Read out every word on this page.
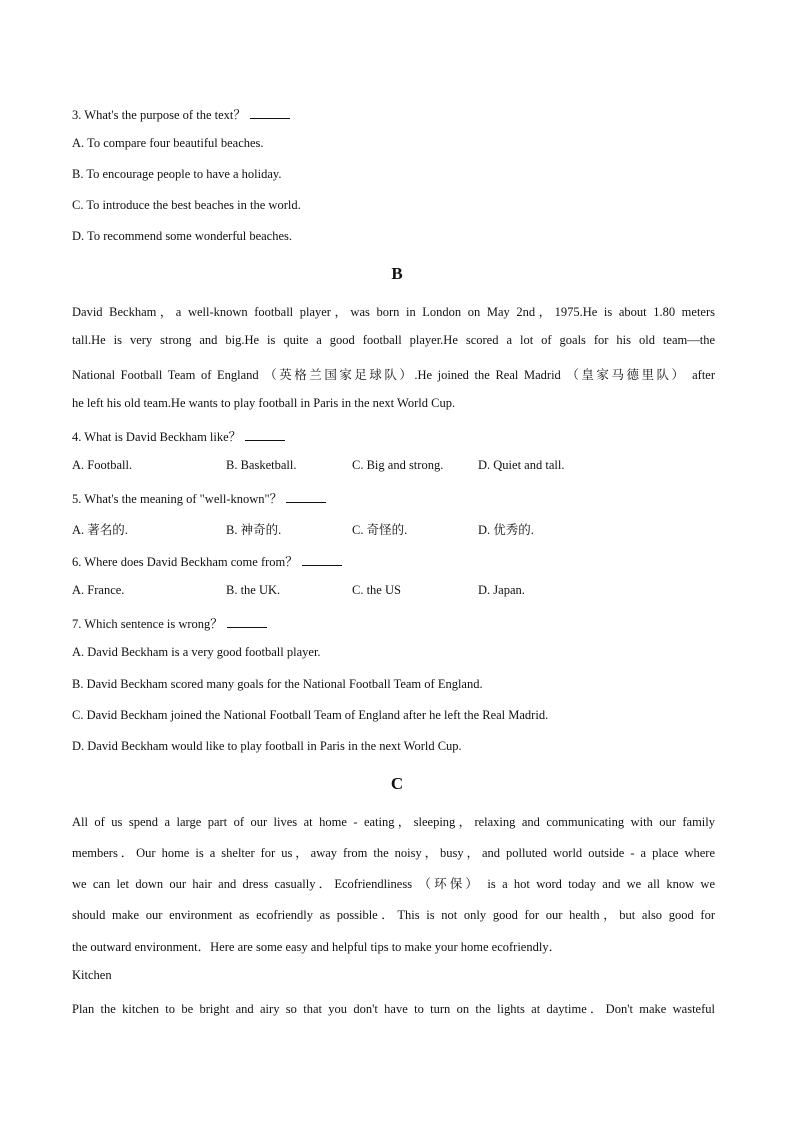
3. What's the purpose of the text？
A. To compare four beautiful beaches.
B. To encourage people to have a holiday.
C. To introduce the best beaches in the world.
D. To recommend some wonderful beaches.
B
David Beckham，a well-known football player，was born in London on May 2nd，1975.He is about 1.80 meters
tall.He is very strong and big.He is quite a good football player.He scored a lot of goals for his old team—the
National Football Team of England （英格兰国家足球队）.He joined the Real Madrid （皇家马德里队） after
he left his old team.He wants to play football in Paris in the next World Cup.
4. What is David Beckham like？
A. Football.	B. Basketball.	C. Big and strong.	D. Quiet and tall.
5. What's the meaning of "well-known"？
A. 著名的.	B. 神奇的.	C. 奇怪的.	D. 优秀的.
6. Where does David Beckham come from？
A. France.	B. the UK.	C. the US	D. Japan.
7. Which sentence is wrong？
A. David Beckham is a very good football player.
B. David Beckham scored many goals for the National Football Team of England.
C. David Beckham joined the National Football Team of England after he left the Real Madrid.
D. David Beckham would like to play football in Paris in the next World Cup.
C
All of us spend a large part of our lives at home - eating，sleeping，relaxing and communicating with our family
members．Our home is a shelter for us，away from the noisy，busy，and polluted world outside - a place where
we can let down our hair and dress casually．Ecofriendliness （环保） is a hot word today and we all know we
should make our environment as ecofriendly as possible．This is not only good for our health，but also good for
the outward environment．Here are some easy and helpful tips to make your home ecofriendly．
Kitchen
Plan the kitchen to be bright and airy so that you don't have to turn on the lights at daytime．Don't make wasteful
